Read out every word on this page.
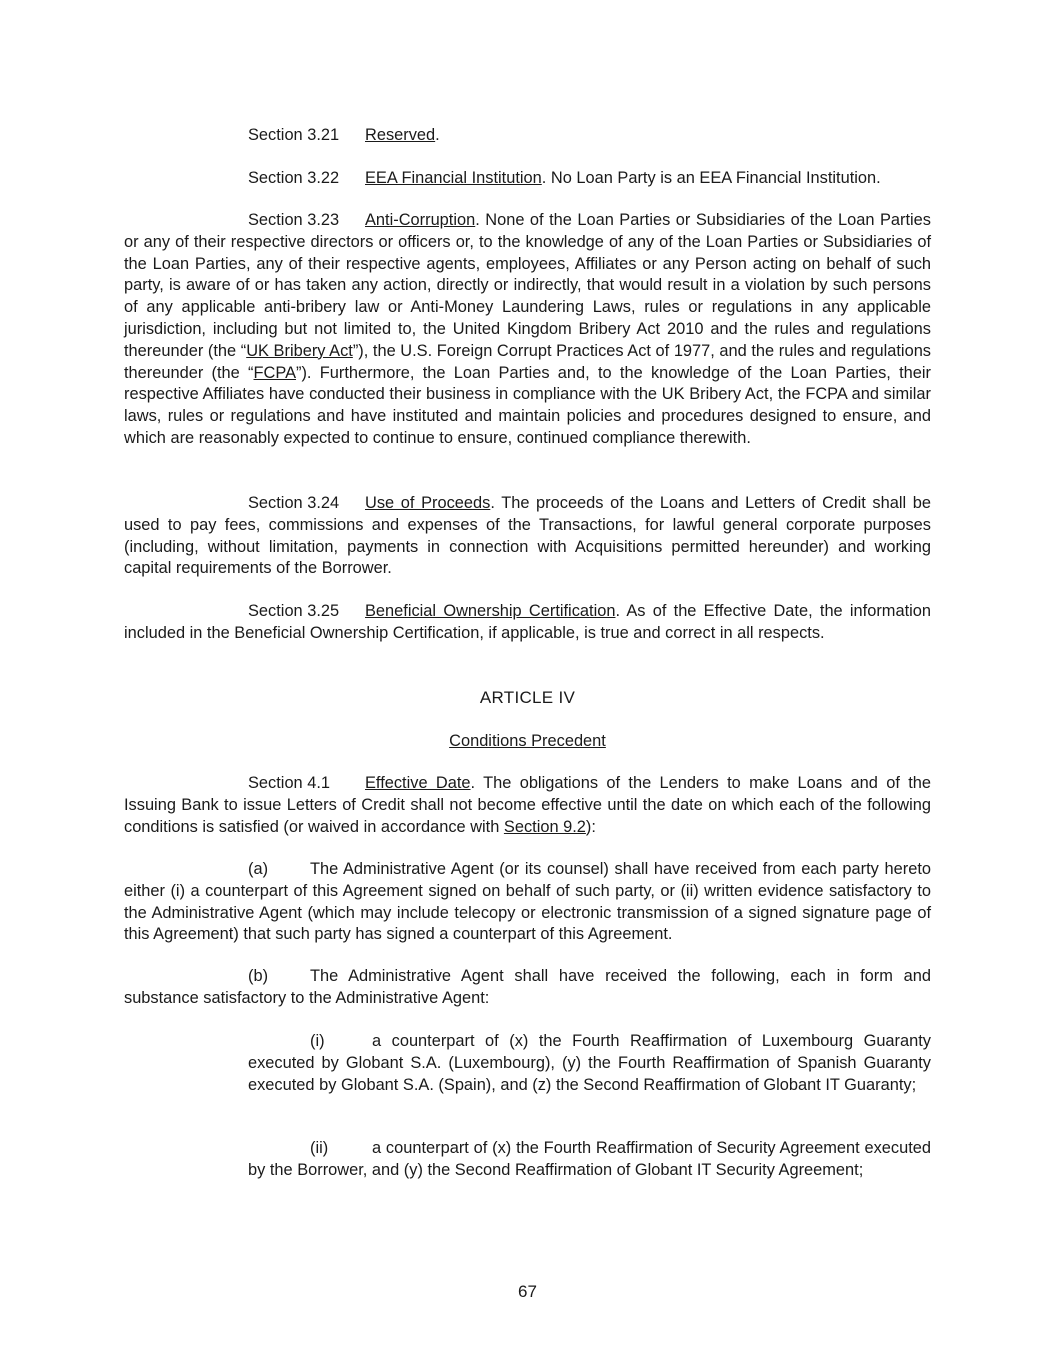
Section 3.21 Reserved.

Section 3.22 EEA Financial Institution. No Loan Party is an EEA Financial Institution.

Section 3.23 Anti-Corruption. None of the Loan Parties or Subsidiaries of the Loan Parties or any of their respective directors or officers or, to the knowledge of any of the Loan Parties or Subsidiaries of the Loan Parties, any of their respective agents, employees, Affiliates or any Person acting on behalf of such party, is aware of or has taken any action, directly or indirectly, that would result in a violation by such persons of any applicable anti-bribery law or Anti-Money Laundering Laws, rules or regulations in any applicable jurisdiction, including but not limited to, the United Kingdom Bribery Act 2010 and the rules and regulations thereunder (the “UK Bribery Act”), the U.S. Foreign Corrupt Practices Act of 1977, and the rules and regulations thereunder (the “FCPA”). Furthermore, the Loan Parties and, to the knowledge of the Loan Parties, their respective Affiliates have conducted their business in compliance with the UK Bribery Act, the FCPA and similar laws, rules or regulations and have instituted and maintain policies and procedures designed to ensure, and which are reasonably expected to continue to ensure, continued compliance therewith.

Section 3.24 Use of Proceeds. The proceeds of the Loans and Letters of Credit shall be used to pay fees, commissions and expenses of the Transactions, for lawful general corporate purposes (including, without limitation, payments in connection with Acquisitions permitted hereunder) and working capital requirements of the Borrower.

Section 3.25 Beneficial Ownership Certification. As of the Effective Date, the information included in the Beneficial Ownership Certification, if applicable, is true and correct in all respects.

ARTICLE IV

Conditions Precedent

Section 4.1 Effective Date. The obligations of the Lenders to make Loans and of the Issuing Bank to issue Letters of Credit shall not become effective until the date on which each of the following conditions is satisfied (or waived in accordance with Section 9.2):

(a)	The Administrative Agent (or its counsel) shall have received from each party hereto either (i) a counterpart of this Agreement signed on behalf of such party, or (ii) written evidence satisfactory to the Administrative Agent (which may include telecopy or electronic transmission of a signed signature page of this Agreement) that such party has signed a counterpart of this Agreement.

(b)	The Administrative Agent shall have received the following, each in form and substance satisfactory to the Administrative Agent:

(i)	a counterpart of (x) the Fourth Reaffirmation of Luxembourg Guaranty executed by Globant S.A. (Luxembourg), (y) the Fourth Reaffirmation of Spanish Guaranty executed by Globant S.A. (Spain), and (z) the Second Reaffirmation of Globant IT Guaranty;

(ii)	a counterpart of (x) the Fourth Reaffirmation of Security Agreement executed by the Borrower, and (y) the Second Reaffirmation of Globant IT Security Agreement;

67
